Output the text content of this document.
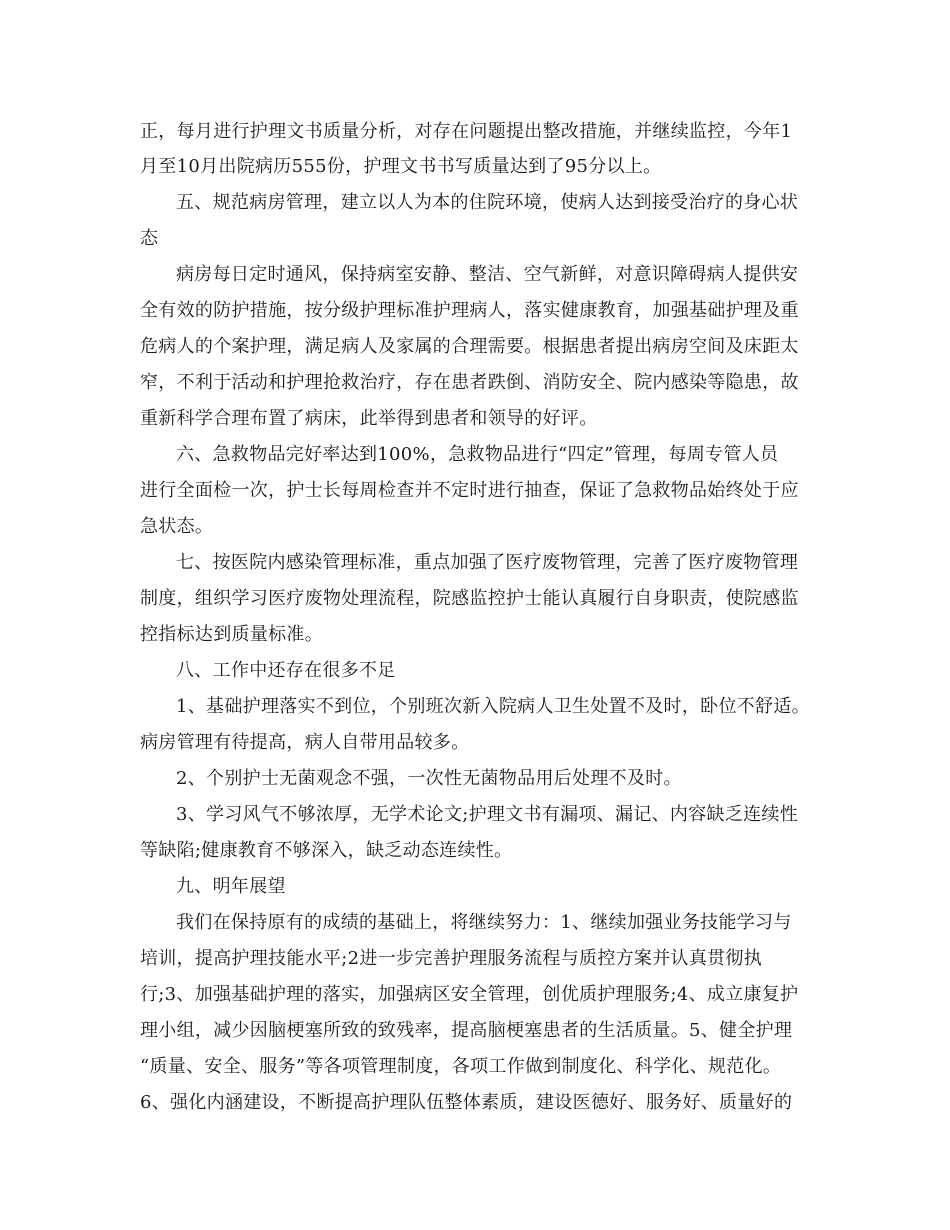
正，每月进行护理文书质量分析，对存在问题提出整改措施，并继续监控，今年1
月至10月出院病历555份，护理文书书写质量达到了95分以上。
五、规范病房管理，建立以人为本的住院环境，使病人达到接受治疗的身心状
态
病房每日定时通风，保持病室安静、整洁、空气新鲜，对意识障碍病人提供安
全有效的防护措施，按分级护理标准护理病人，落实健康教育，加强基础护理及重
危病人的个案护理，满足病人及家属的合理需要。根据患者提出病房空间及床距太
窄，不利于活动和护理抢救治疗，存在患者跌倒、消防安全、院内感染等隐患，故
重新科学合理布置了病床，此举得到患者和领导的好评。
六、急救物品完好率达到100%，急救物品进行“四定”管理，每周专管人员
进行全面检一次，护士长每周检查并不定时进行抽查，保证了急救物品始终处于应
急状态。
七、按医院内感染管理标准，重点加强了医疗废物管理，完善了医疗废物管理
制度，组织学习医疗废物处理流程，院感监控护士能认真履行自身职责，使院感监
控指标达到质量标准。
八、工作中还存在很多不足
1、基础护理落实不到位，个别班次新入院病人卫生处置不及时，卧位不舒适。
病房管理有待提高，病人自带用品较多。
2、个别护士无菌观念不强，一次性无菌物品用后处理不及时。
3、学习风气不够浓厚，无学术论文;护理文书有漏项、漏记、内容缺乏连续性
等缺陷;健康教育不够深入，缺乏动态连续性。
九、明年展望
我们在保持原有的成绩的基础上，将继续努力：1、继续加强业务技能学习与
培训，提高护理技能水平;2进一步完善护理服务流程与质控方案并认真贯彻执
行;3、加强基础护理的落实，加强病区安全管理，创优质护理服务;4、成立康复护
理小组，减少因脑梗塞所致的致残率，提高脑梗塞患者的生活质量。5、健全护理
“质量、安全、服务”等各项管理制度，各项工作做到制度化、科学化、规范化。
6、强化内涵建设，不断提高护理队伍整体素质，建设医德好、服务好、质量好的
